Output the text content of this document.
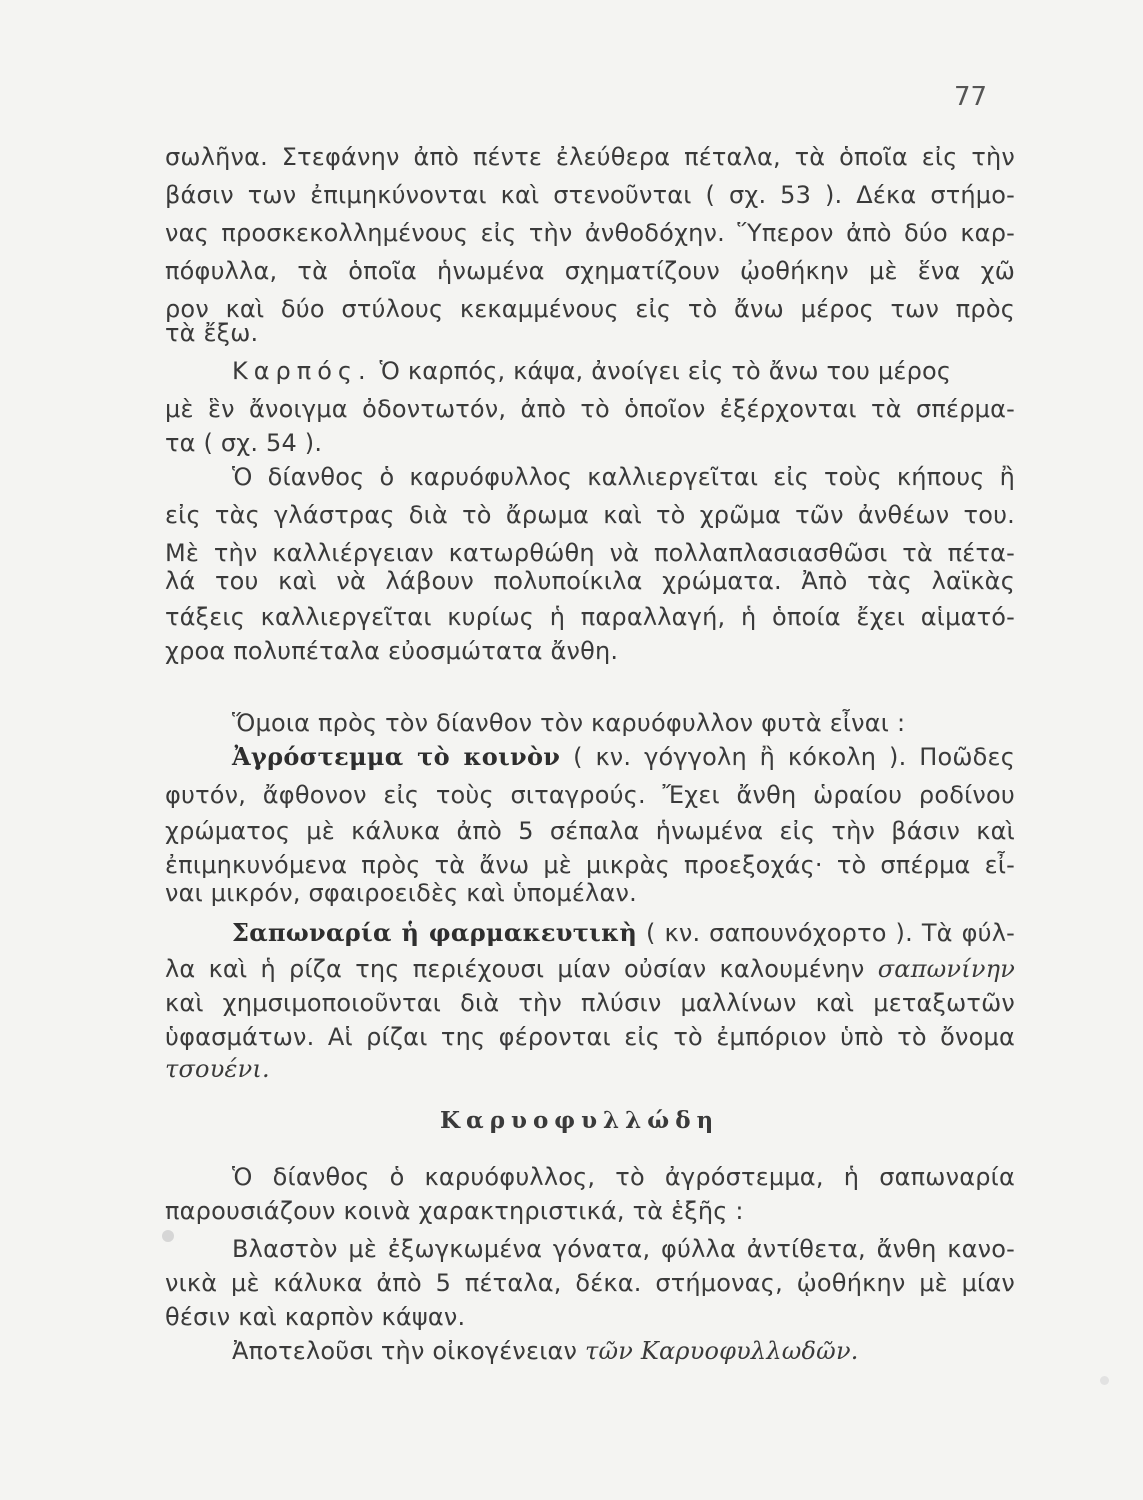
77
σωλῆνα. Στεφάνην ἀπὸ πέντε ἐλεύθερα πέταλα, τὰ ὁποῖα εἰς τὴν
βάσιν των ἐπιμηκύνονται καὶ στενοῦνται ( σχ. 53 ). Δέκα στήμο-
νας προσκεκολλημένους εἰς τὴν ἀνθοδόχην. Ὕπερον ἀπὸ δύο καρ-
πόφυλλα, τὰ ὁποῖα ἡνωμένα σχηματίζουν ᾠοθήκην μὲ ἕνα χῶ
ρον καὶ δύο στύλους κεκαμμένους εἰς τὸ ἄνω μέρος των πρὸς
τὰ ἔξω.
Καρπός. Ὁ καρπός, κάψα, ἀνοίγει εἰς τὸ ἄνω του μέρος
μὲ ἓν ἄνοιγμα ὀδοντωτόν, ἀπὸ τὸ ὁποῖον ἐξέρχονται τὰ σπέρμα-
τα ( σχ. 54 ).
Ὁ δίανθος ὁ καρυόφυλλος καλλιεργεῖται εἰς τοὺς κήπους ἢ
εἰς τὰς γλάστρας διὰ τὸ ἄρωμα καὶ τὸ χρῶμα τῶν ἀνθέων του.
Μὲ τὴν καλλιέργειαν κατωρθώθη νὰ πολλαπλασιασθῶσι τὰ πέτα-
λά του καὶ νὰ λάβουν πολυποίκιλα χρώματα. Ἀπὸ τὰς λαϊκὰς
τάξεις καλλιεργεῖται κυρίως ἡ παραλλαγή, ἡ ὁποία ἔχει αἱματό-
χροα πολυπέταλα εὐοσμώτατα ἄνθη.
Ὅμοια πρὸς τὸν δίανθον τὸν καρυόφυλλον φυτὰ εἶναι :
Ἀγρόστεμμα τὸ κοινὸν ( κν. γόγγολη ἢ κόκολη ). Ποῶδες
φυτόν, ἄφθονον εἰς τοὺς σιταγρούς. Ἔχει ἄνθη ὡραίου ροδίνου
χρώματος μὲ κάλυκα ἀπὸ 5 σέπαλα ἡνωμένα εἰς τὴν βάσιν καὶ
ἐπιμηκυνόμενα πρὸς τὰ ἄνω μὲ μικρὰς προεξοχάς· τὸ σπέρμα εἶ-
ναι μικρόν, σφαιροειδὲς καὶ ὑπομέλαν.
Σαπωναρία ἡ φαρμακευτικὴ ( κν. σαπουνόχορτο ). Τὰ φύλ-
λα καὶ ἡ ρίζα της περιέχουσι μίαν οὐσίαν καλουμένην σαπωνίνην
καὶ χημσιμοποιοῦνται διὰ τὴν πλύσιν μαλλίνων καὶ μεταξωτῶν
ὑφασμάτων. Αἱ ρίζαι της φέρονται εἰς τὸ ἐμπόριον ὑπὸ τὸ ὄνομα
τσουένι.
Καρυοφυλλώδη
Ὁ δίανθος ὁ καρυόφυλλος, τὸ ἀγρόστεμμα, ἡ σαπωναρία
παρουσιάζουν κοινὰ χαρακτηριστικά, τὰ ἑξῆς :
Βλαστὸν μὲ ἐξωγκωμένα γόνατα, φύλλα ἀντίθετα, ἄνθη κανο-
νικὰ μὲ κάλυκα ἀπὸ 5 πέταλα, δέκα. στήμονας, ᾠοθήκην μὲ μίαν
θέσιν καὶ καρπὸν κάψαν.
Ἀποτελοῦσι τὴν οἰκογένειαν τῶν Καρυοφυλλωδῶν.
